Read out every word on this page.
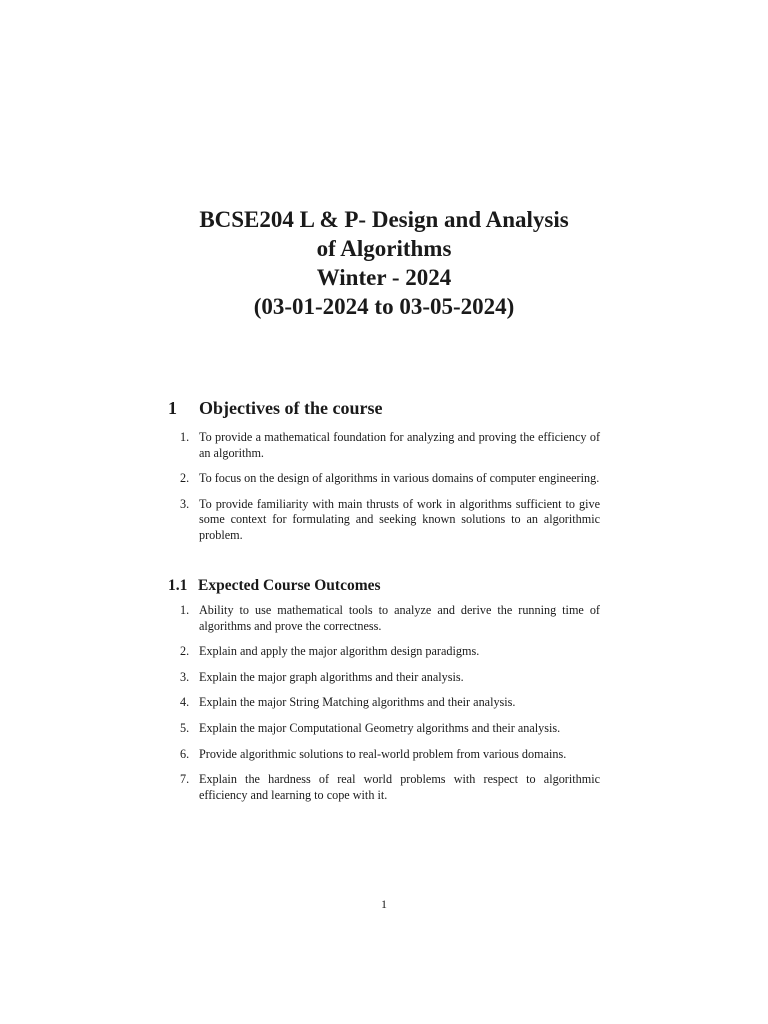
BCSE204 L & P- Design and Analysis
of Algorithms
Winter - 2024
(03-01-2024 to 03-05-2024)
1 Objectives of the course
1. To provide a mathematical foundation for analyzing and proving the efficiency of an algorithm.
2. To focus on the design of algorithms in various domains of computer engineering.
3. To provide familiarity with main thrusts of work in algorithms sufficient to give some context for formulating and seeking known solutions to an algorithmic problem.
1.1 Expected Course Outcomes
1. Ability to use mathematical tools to analyze and derive the running time of algorithms and prove the correctness.
2. Explain and apply the major algorithm design paradigms.
3. Explain the major graph algorithms and their analysis.
4. Explain the major String Matching algorithms and their analysis.
5. Explain the major Computational Geometry algorithms and their analysis.
6. Provide algorithmic solutions to real-world problem from various domains.
7. Explain the hardness of real world problems with respect to algorithmic efficiency and learning to cope with it.
1
